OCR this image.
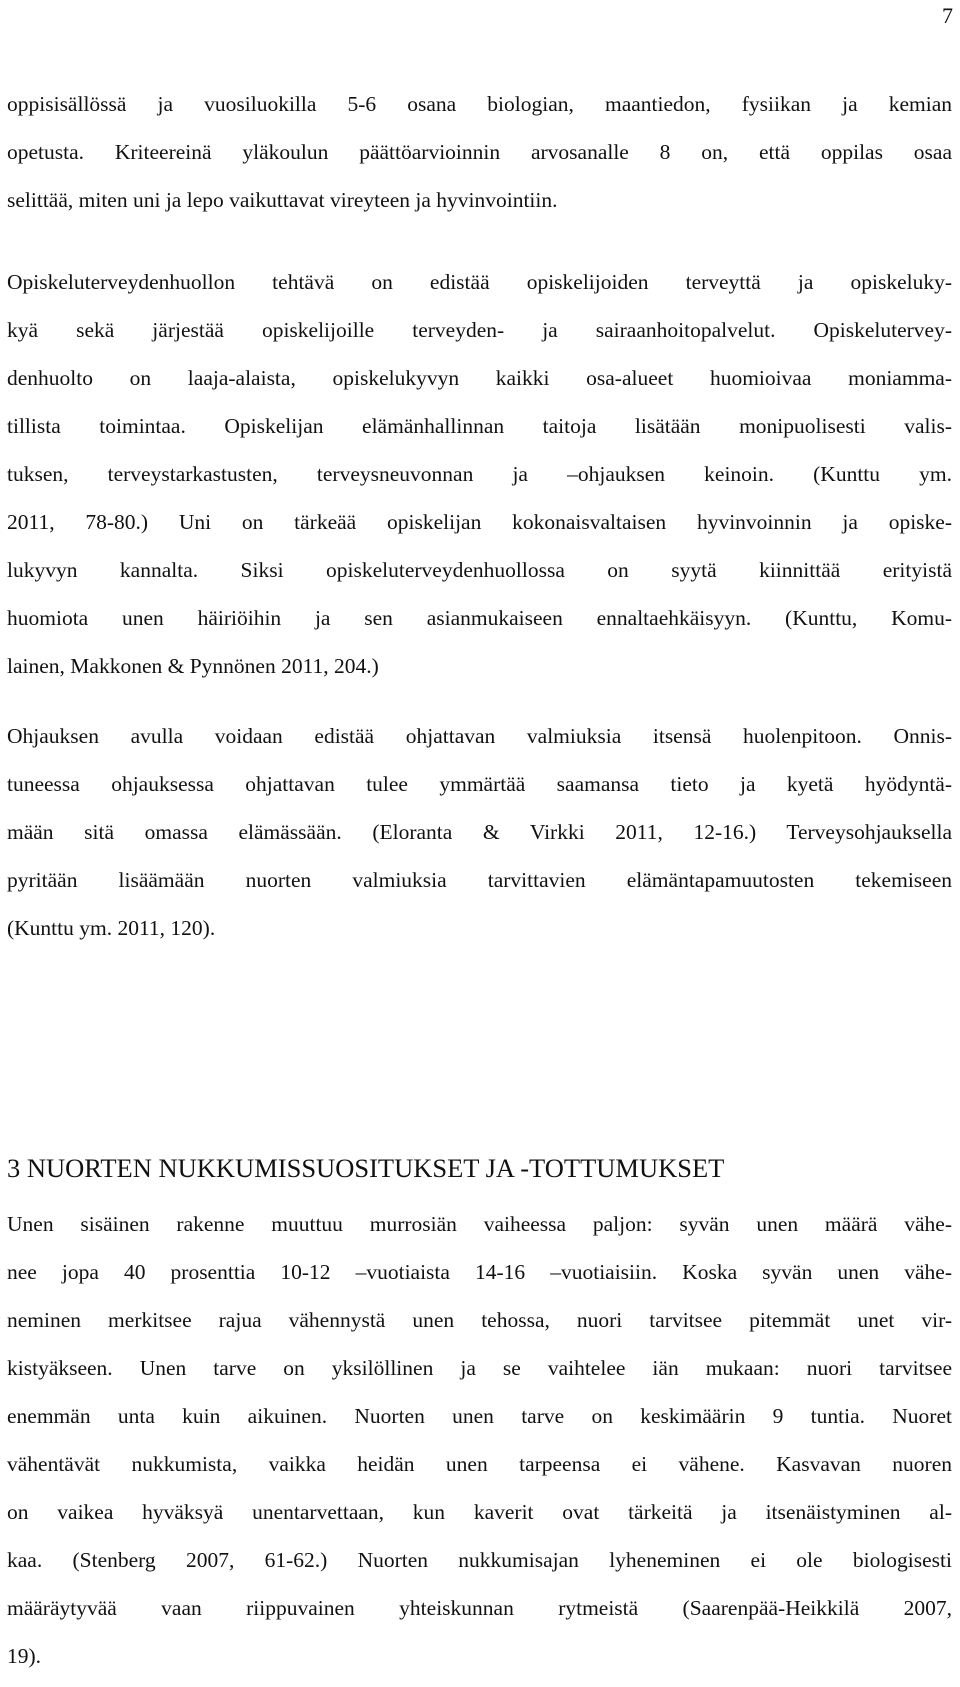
7
oppisisällössä ja vuosiluokilla 5-6 osana biologian, maantiedon, fysiikan ja kemian
opetusta. Kriteereinä yläkoulun päättöarvioinnin arvosanalle 8 on, että oppilas osaa
selittää, miten uni ja lepo vaikuttavat vireyteen ja hyvinvointiin.
Opiskeluterveydenhuollon tehtävä on edistää opiskelijoiden terveyttä ja opiskeluky-
kyä sekä järjestää opiskelijoille terveyden- ja sairaanhoitopalvelut. Opiskelutervey-
denhuolto on laaja-alaista, opiskelukyvyn kaikki osa-alueet huomioivaa moniamma-
tillista toimintaa. Opiskelijan elämänhallinnan taitoja lisätään monipuolisesti valis-
tuksen, terveystarkastusten, terveysneuvonnan ja –ohjauksen keinoin. (Kunttu ym.
2011, 78-80.) Uni on tärkeää opiskelijan kokonaisvaltaisen hyvinvoinnin ja opiske-
lukyvyn kannalta. Siksi opiskeluterveydenhuollossa on syytä kiinnittää erityistä
huomiota unen häiriöihin ja sen asianmukaiseen ennaltaehkäisyyn. (Kunttu, Komu-
lainen, Makkonen & Pynnönen 2011, 204.)
Ohjauksen avulla voidaan edistää ohjattavan valmiuksia itsensä huolenpitoon. Onnis-
tuneessa ohjauksessa ohjattavan tulee ymmärtää saamansa tieto ja kyetä hyödyntä-
mään sitä omassa elämässään. (Eloranta & Virkki 2011, 12-16.) Terveysohjauksella
pyritään lisäämään nuorten valmiuksia tarvittavien elämäntapamuutosten tekemiseen
(Kunttu ym. 2011, 120).
3 NUORTEN NUKKUMISSUOSITUKSET JA -TOTTUMUKSET
Unen sisäinen rakenne muuttuu murrosiän vaiheessa paljon: syvän unen määrä vähe-
nee jopa 40 prosenttia 10-12 –vuotiaista 14-16 –vuotiaisiin. Koska syvän unen vähe-
neminen merkitsee rajua vähennystä unen tehossa, nuori tarvitsee pitemmät unet vir-
kistyäkseen. Unen tarve on yksilöllinen ja se vaihtelee iän mukaan: nuori tarvitsee
enemmän unta kuin aikuinen. Nuorten unen tarve on keskimäärin 9 tuntia. Nuoret
vähentävät nukkumista, vaikka heidän unen tarpeensa ei vähene. Kasvavan nuoren
on vaikea hyväksyä unentarvettaan, kun kaverit ovat tärkeitä ja itsenäistyminen al-
kaa. (Stenberg 2007, 61-62.) Nuorten nukkumisajan lyheneminen ei ole biologisesti
määräytyvää vaan riippuvainen yhteiskunnan rytmeistä (Saarenpää-Heikkilä 2007,
19).
